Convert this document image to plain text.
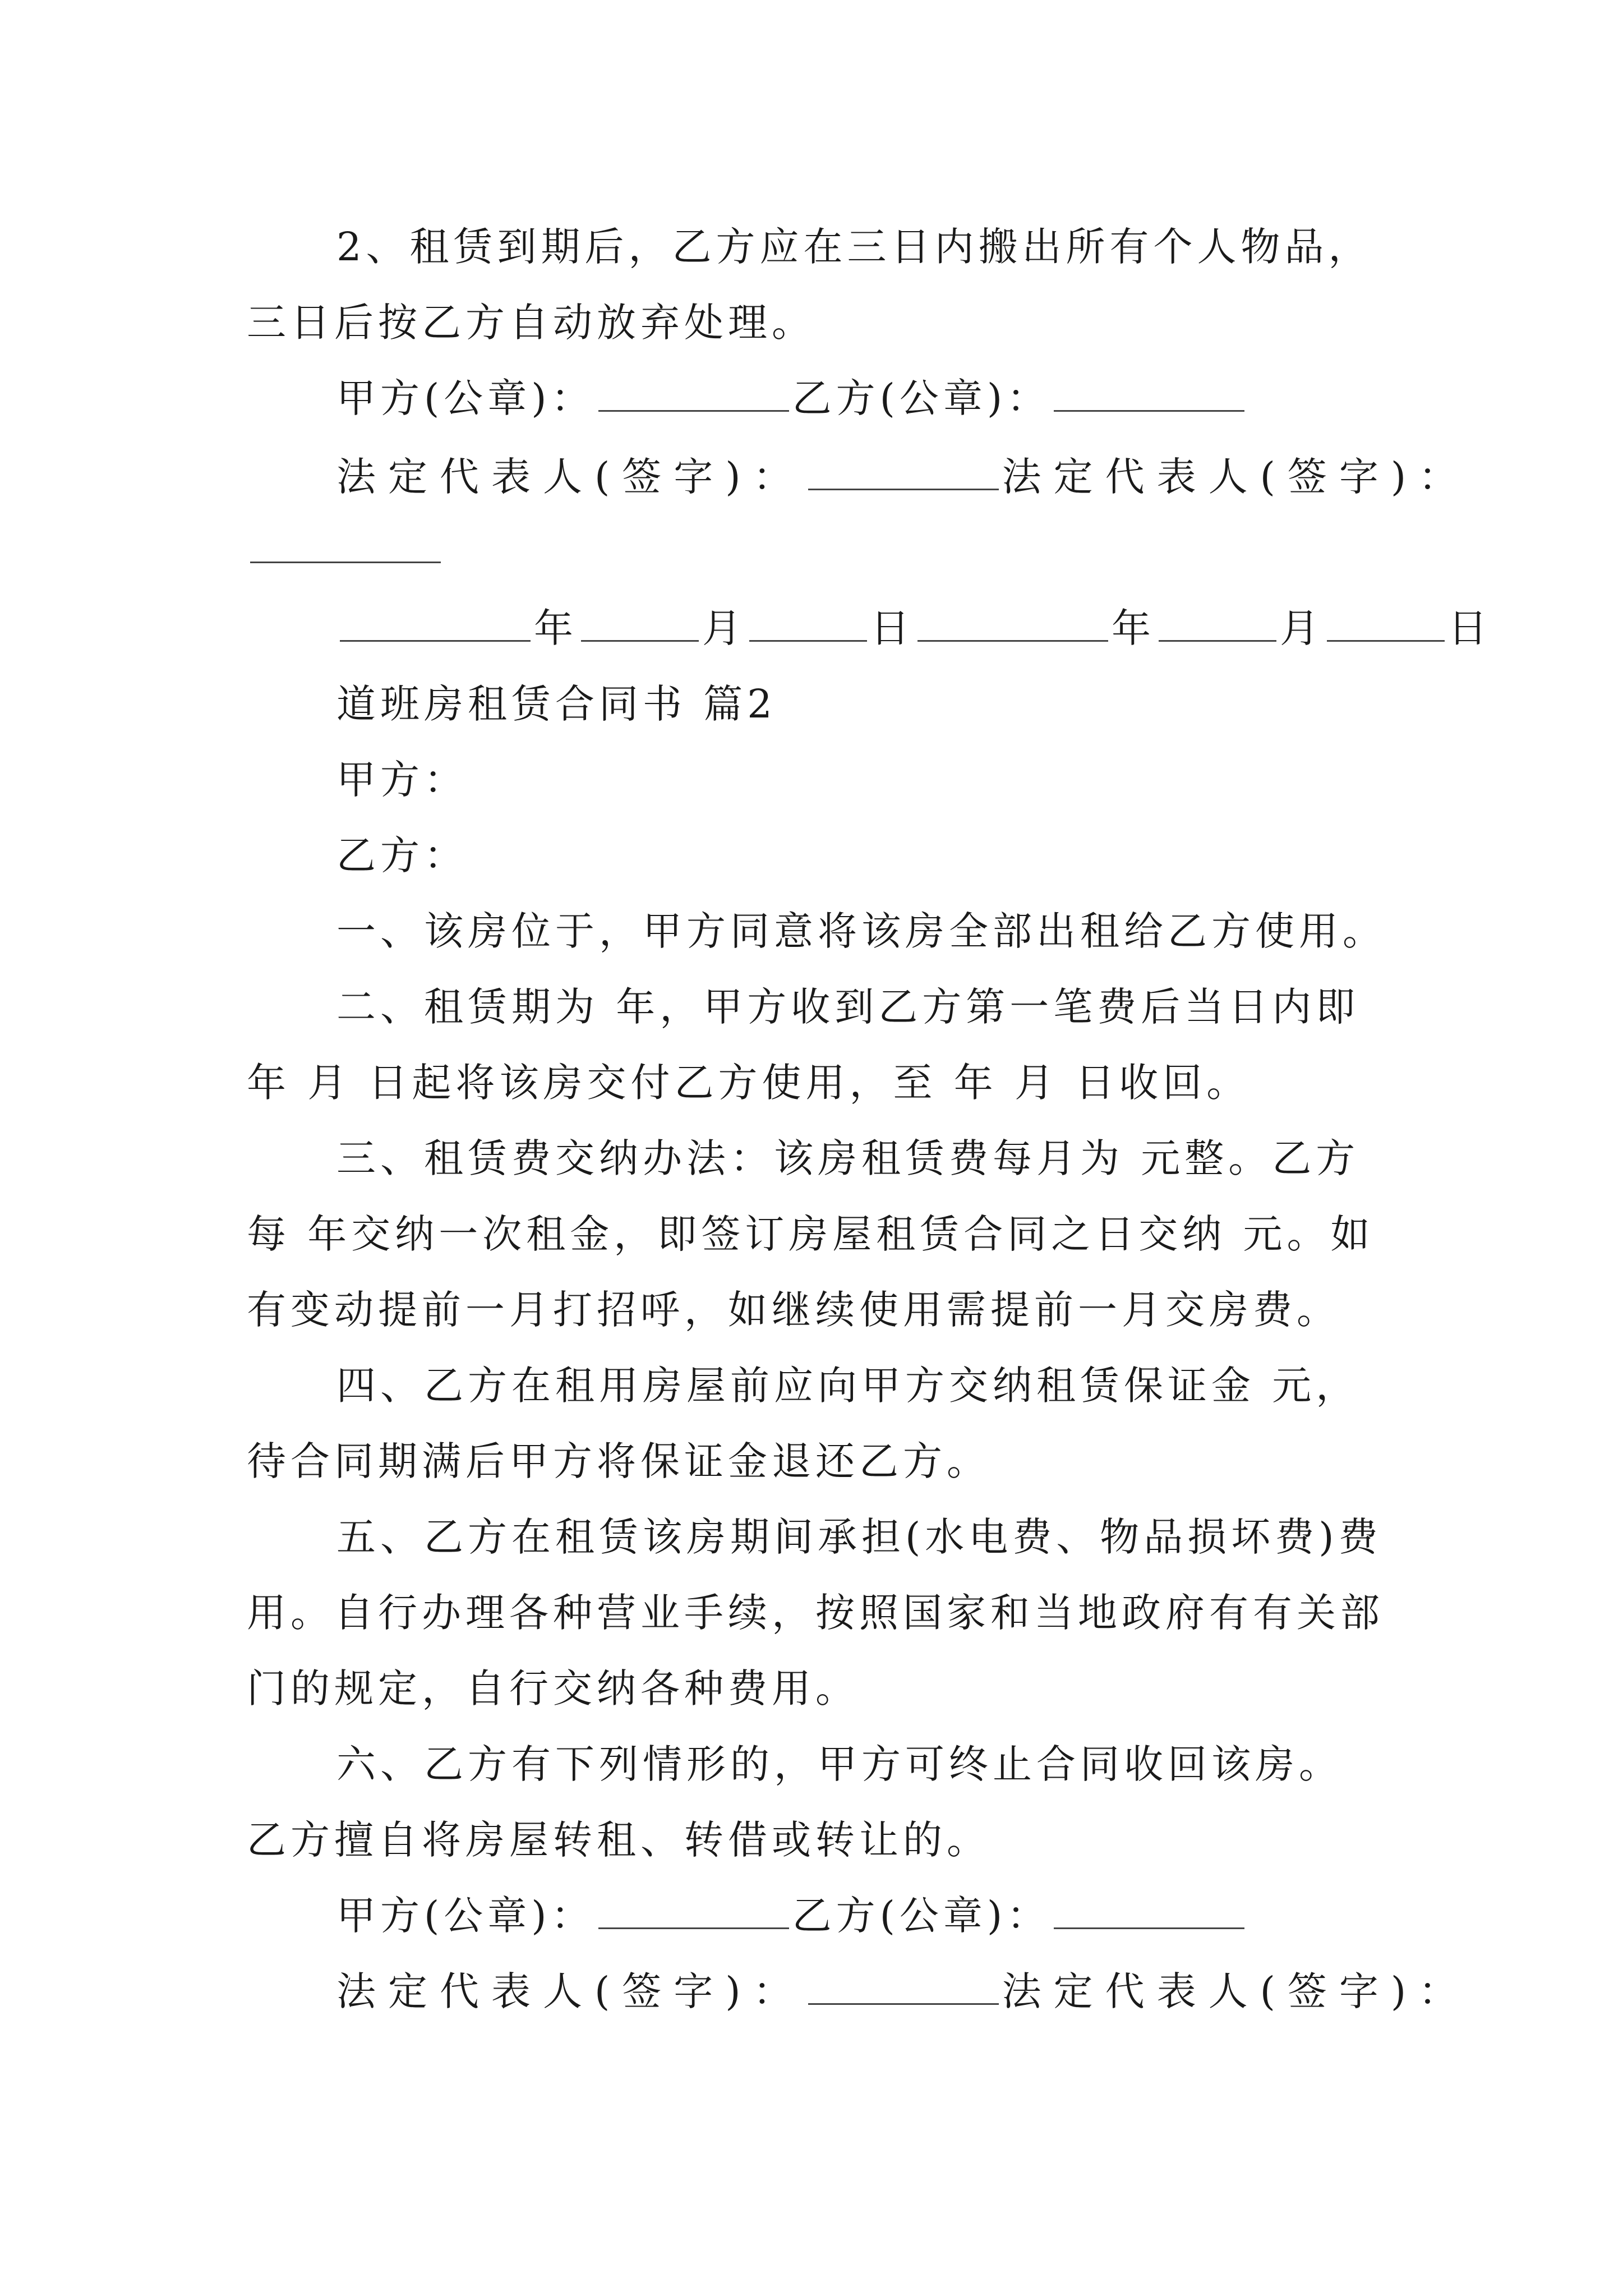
2、租赁到期后，乙方应在三日内搬出所有个人物品，
三日后按乙方自动放弃处理。
甲方(公章)：	乙方(公章)：
法定代表人(签字)：	法定代表人(签字)：
年	月	日	年	月	日
道班房租赁合同书 篇2
甲方：
乙方：
一、该房位于，甲方同意将该房全部出租给乙方使用。
二、租赁期为 年，甲方收到乙方第一笔费后当日内即
年 月 日起将该房交付乙方使用，至 年 月 日收回。
三、租赁费交纳办法：该房租赁费每月为 元整。乙方
每 年交纳一次租金，即签订房屋租赁合同之日交纳 元。如
有变动提前一月打招呼，如继续使用需提前一月交房费。
四、乙方在租用房屋前应向甲方交纳租赁保证金 元，
待合同期满后甲方将保证金退还乙方。
五、乙方在租赁该房期间承担(水电费、物品损坏费)费
用。自行办理各种营业手续，按照国家和当地政府有有关部
门的规定，自行交纳各种费用。
六、乙方有下列情形的，甲方可终止合同收回该房。
乙方擅自将房屋转租、转借或转让的。
甲方(公章)：	乙方(公章)：
法定代表人(签字)：	法定代表人(签字)：
